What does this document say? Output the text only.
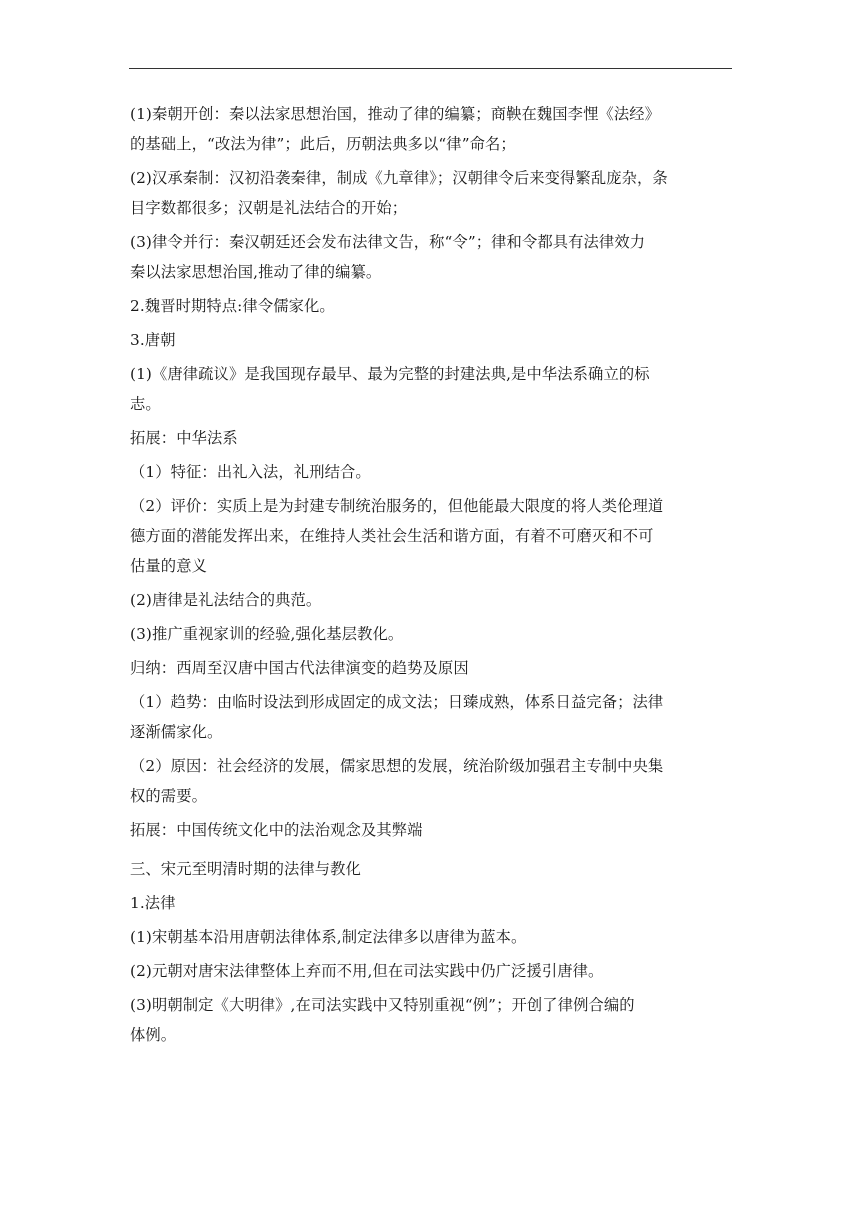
(1)秦朝开创：秦以法家思想治国，推动了律的编纂；商鞅在魏国李悝《法经》
的基础上，“改法为律”；此后，历朝法典多以“律”命名；
(2)汉承秦制：汉初沿袭秦律，制成《九章律》；汉朝律令后来变得繁乱庞杂，条
目字数都很多；汉朝是礼法结合的开始；
(3)律令并行：秦汉朝廷还会发布法律文告，称“令”；律和令都具有法律效力
秦以法家思想治国,推动了律的编纂。
2.魏晋时期特点:律令儒家化。
3.唐朝
(1)《唐律疏议》是我国现存最早、最为完整的封建法典,是中华法系确立的标
志。
拓展：中华法系
（1）特征：出礼入法，礼刑结合。
（2）评价：实质上是为封建专制统治服务的，但他能最大限度的将人类伦理道
德方面的潜能发挥出来，在维持人类社会生活和谐方面，有着不可磨灭和不可
估量的意义
(2)唐律是礼法结合的典范。
(3)推广重视家训的经验,强化基层教化。
归纳：西周至汉唐中国古代法律演变的趋势及原因
（1）趋势：由临时设法到形成固定的成文法；日臻成熟，体系日益完备；法律
逐渐儒家化。
（2）原因：社会经济的发展，儒家思想的发展，统治阶级加强君主专制中央集
权的需要。
拓展：中国传统文化中的法治观念及其弊端
三、宋元至明清时期的法律与教化
1.法律
(1)宋朝基本沿用唐朝法律体系,制定法律多以唐律为蓝本。
(2)元朝对唐宋法律整体上弃而不用,但在司法实践中仍广泛援引唐律。
(3)明朝制定《大明律》,在司法实践中又特别重视“例”；开创了律例合编的
体例。
